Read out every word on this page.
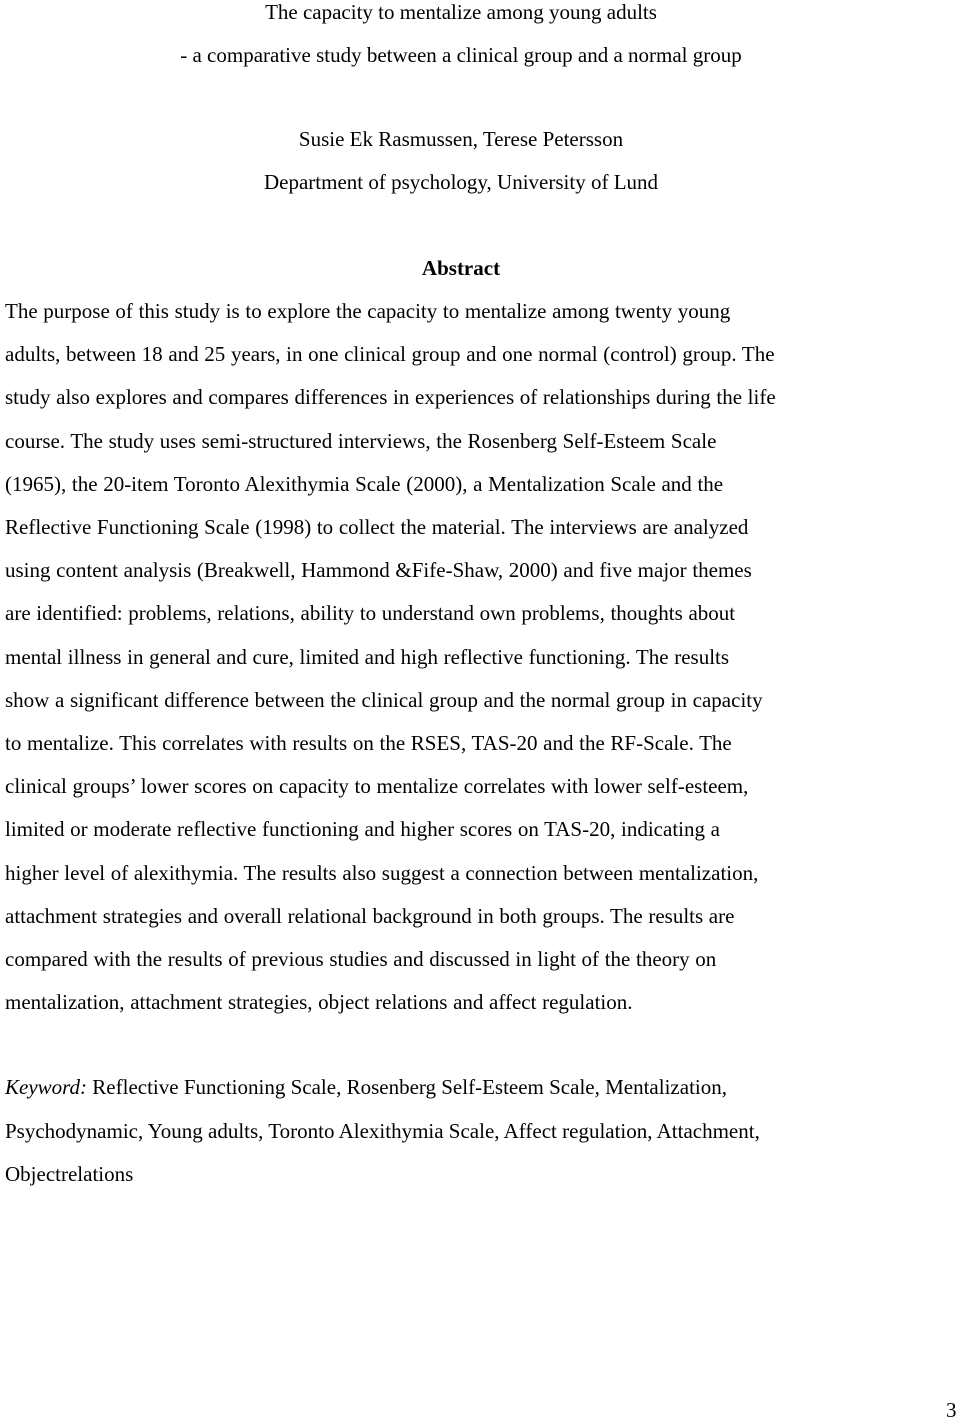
The capacity to mentalize among young adults
- a comparative study between a clinical group and a normal group
Susie Ek Rasmussen, Terese Petersson
Department of psychology, University of Lund
Abstract
The purpose of this study is to explore the capacity to mentalize among twenty young
adults, between 18 and 25 years, in one clinical group and one normal (control) group. The
study also explores and compares differences in experiences of relationships during the life
course. The study uses semi-structured interviews, the Rosenberg Self-Esteem Scale
(1965), the 20-item Toronto Alexithymia Scale (2000), a Mentalization Scale and the
Reflective Functioning Scale (1998) to collect the material. The interviews are analyzed
using content analysis (Breakwell, Hammond &Fife-Shaw, 2000) and five major themes
are identified: problems, relations, ability to understand own problems, thoughts about
mental illness in general and cure, limited and high reflective functioning. The results
show a significant difference between the clinical group and the normal group in capacity
to mentalize. This correlates with results on the RSES, TAS-20 and the RF-Scale. The
clinical groups’ lower scores on capacity to mentalize correlates with lower self-esteem,
limited or moderate reflective functioning and higher scores on TAS-20, indicating a
higher level of alexithymia. The results also suggest a connection between mentalization,
attachment strategies and overall relational background in both groups. The results are
compared with the results of previous studies and discussed in light of the theory on
mentalization, attachment strategies, object relations and affect regulation.
Keyword: Reflective Functioning Scale, Rosenberg Self-Esteem Scale, Mentalization,
Psychodynamic, Young adults, Toronto Alexithymia Scale, Affect regulation, Attachment,
Objectrelations
3
